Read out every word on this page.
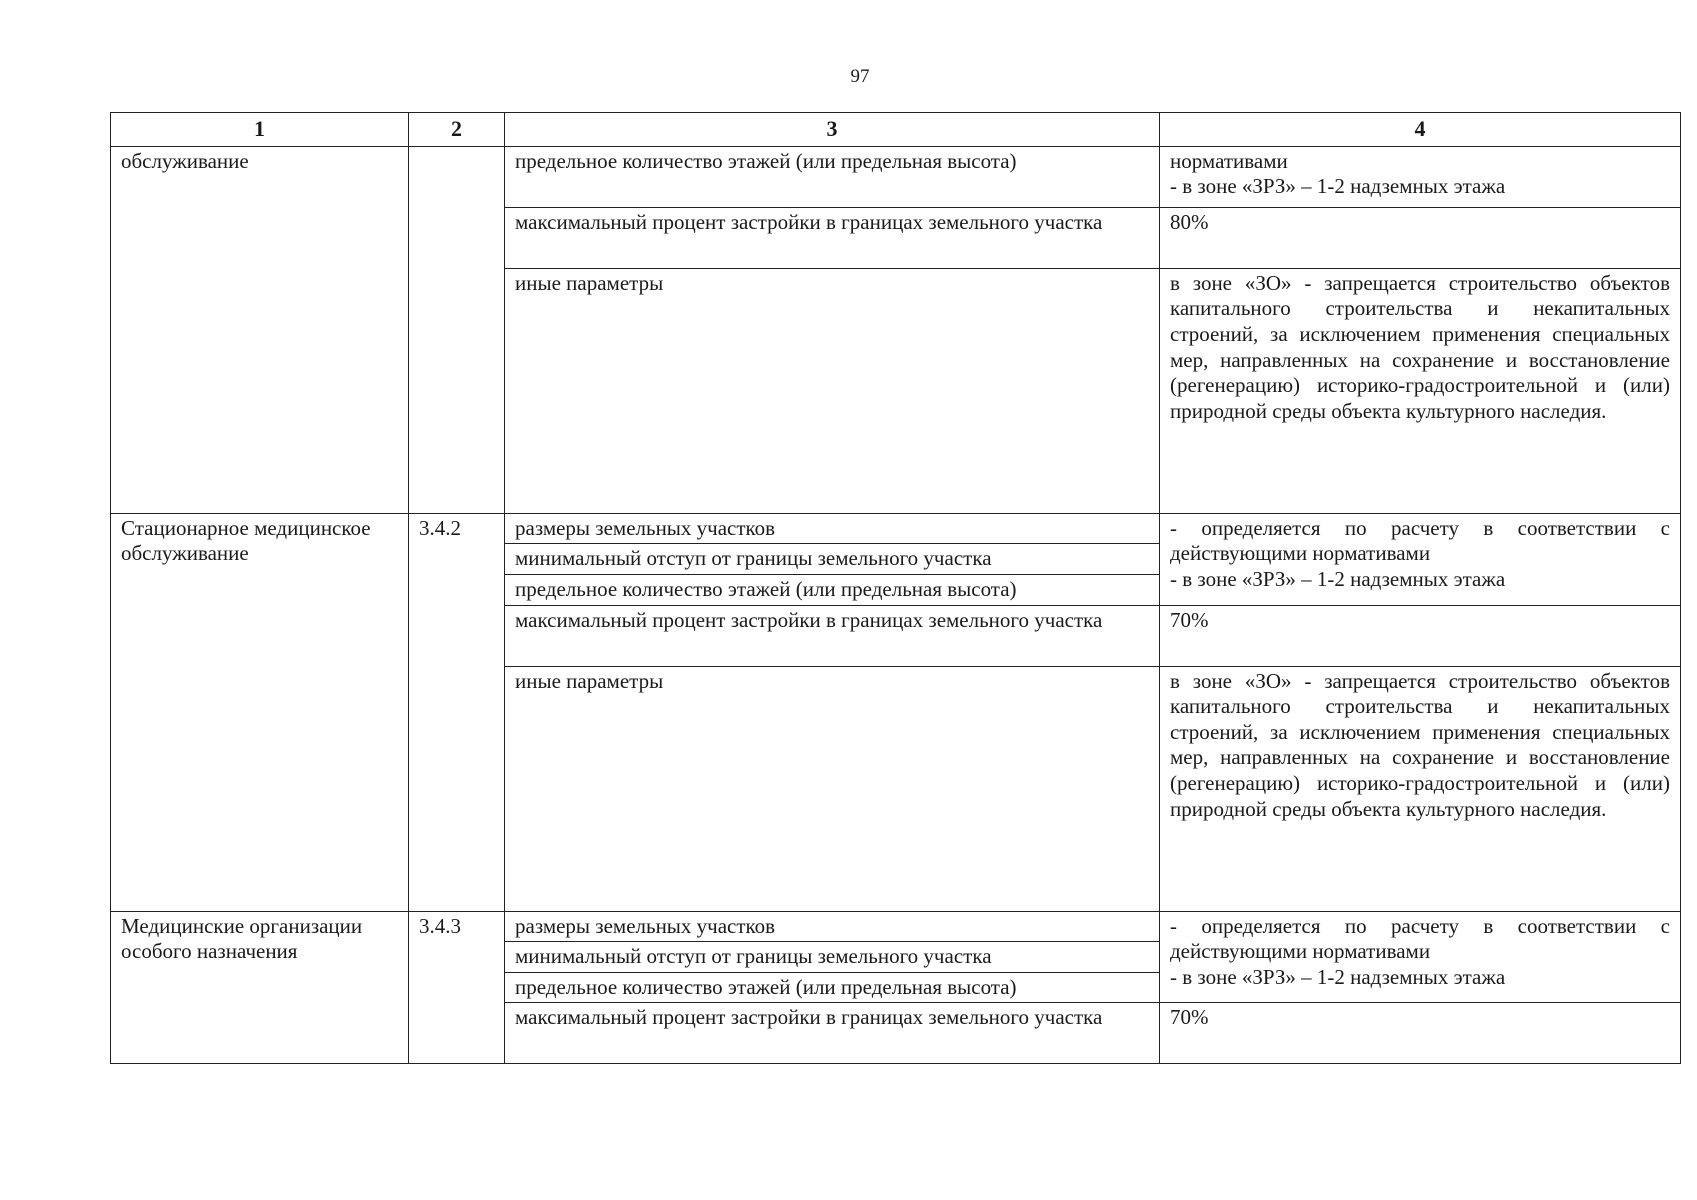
97
1	2	3	4
обслуживание		предельное количество этажей (или предельная высота)	нормативами
- в зоне «ЗРЗ» – 1-2 надземных этажа
		максимальный процент застройки в границах земельного участка	80%
		иные параметры	в зоне «ЗО» - запрещается строительство объектов капитального строительства и некапитальных строений, за исключением применения специальных мер, направленных на сохранение и восстановление (регенерацию) историко-градостроительной и (или) природной среды объекта культурного наследия.
Стационарное медицинское обслуживание	3.4.2	размеры земельных участков	- определяется по расчету в соответствии с действующими нормативами
- в зоне «ЗРЗ» – 1-2 надземных этажа
		минимальный отступ от границы земельного участка	
		предельное количество этажей (или предельная высота)	
		максимальный процент застройки в границах земельного участка	70%
		иные параметры	в зоне «ЗО» - запрещается строительство объектов капитального строительства и некапитальных строений, за исключением применения специальных мер, направленных на сохранение и восстановление (регенерацию) историко-градостроительной и (или) природной среды объекта культурного наследия.
Медицинские организации особого назначения	3.4.3	размеры земельных участков	- определяется по расчету в соответствии с действующими нормативами
- в зоне «ЗРЗ» – 1-2 надземных этажа
		минимальный отступ от границы земельного участка	
		предельное количество этажей (или предельная высота)	
		максимальный процент застройки в границах земельного участка	70%
